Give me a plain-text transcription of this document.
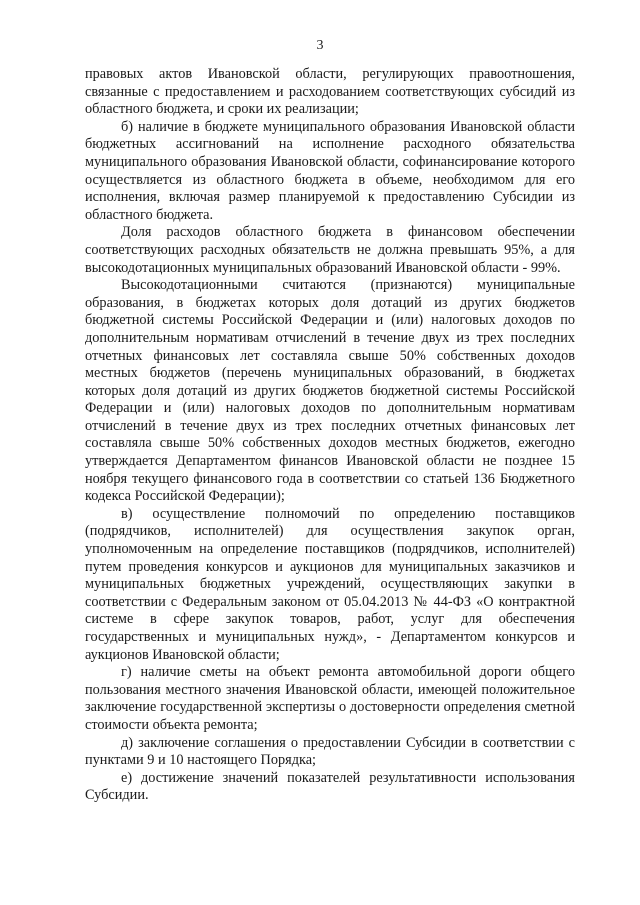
3

правовых актов Ивановской области, регулирующих правоотношения, связанные с предоставлением и расходованием соответствующих субсидий из областного бюджета, и сроки их реализации;

б) наличие в бюджете муниципального образования Ивановской области бюджетных ассигнований на исполнение расходного обязательства муниципального образования Ивановской области, софинансирование которого осуществляется из областного бюджета в объеме, необходимом для его исполнения, включая размер планируемой к предоставлению Субсидии из областного бюджета.

Доля расходов областного бюджета в финансовом обеспечении соответствующих расходных обязательств не должна превышать 95%, а для высокодотационных муниципальных образований Ивановской области - 99%.

Высокодотационными считаются (признаются) муниципальные образования, в бюджетах которых доля дотаций из других бюджетов бюджетной системы Российской Федерации и (или) налоговых доходов по дополнительным нормативам отчислений в течение двух из трех последних отчетных финансовых лет составляла свыше 50% собственных доходов местных бюджетов (перечень муниципальных образований, в бюджетах которых доля дотаций из других бюджетов бюджетной системы Российской Федерации и (или) налоговых доходов по дополнительным нормативам отчислений в течение двух из трех последних отчетных финансовых лет составляла свыше 50% собственных доходов местных бюджетов, ежегодно утверждается Департаментом финансов Ивановской области не позднее 15 ноября текущего финансового года в соответствии со статьей 136 Бюджетного кодекса Российской Федерации);

в) осуществление полномочий по определению поставщиков (подрядчиков, исполнителей) для осуществления закупок орган, уполномоченным на определение поставщиков (подрядчиков, исполнителей) путем проведения конкурсов и аукционов для муниципальных заказчиков и муниципальных бюджетных учреждений, осуществляющих закупки в соответствии с Федеральным законом от 05.04.2013 № 44-ФЗ «О контрактной системе в сфере закупок товаров, работ, услуг для обеспечения государственных и муниципальных нужд», - Департаментом конкурсов и аукционов Ивановской области;

г) наличие сметы на объект ремонта автомобильной дороги общего пользования местного значения Ивановской области, имеющей положительное заключение государственной экспертизы о достоверности определения сметной стоимости объекта ремонта;

д) заключение соглашения о предоставлении Субсидии в соответствии с пунктами 9 и 10 настоящего Порядка;

е) достижение значений показателей результативности использования Субсидии.
